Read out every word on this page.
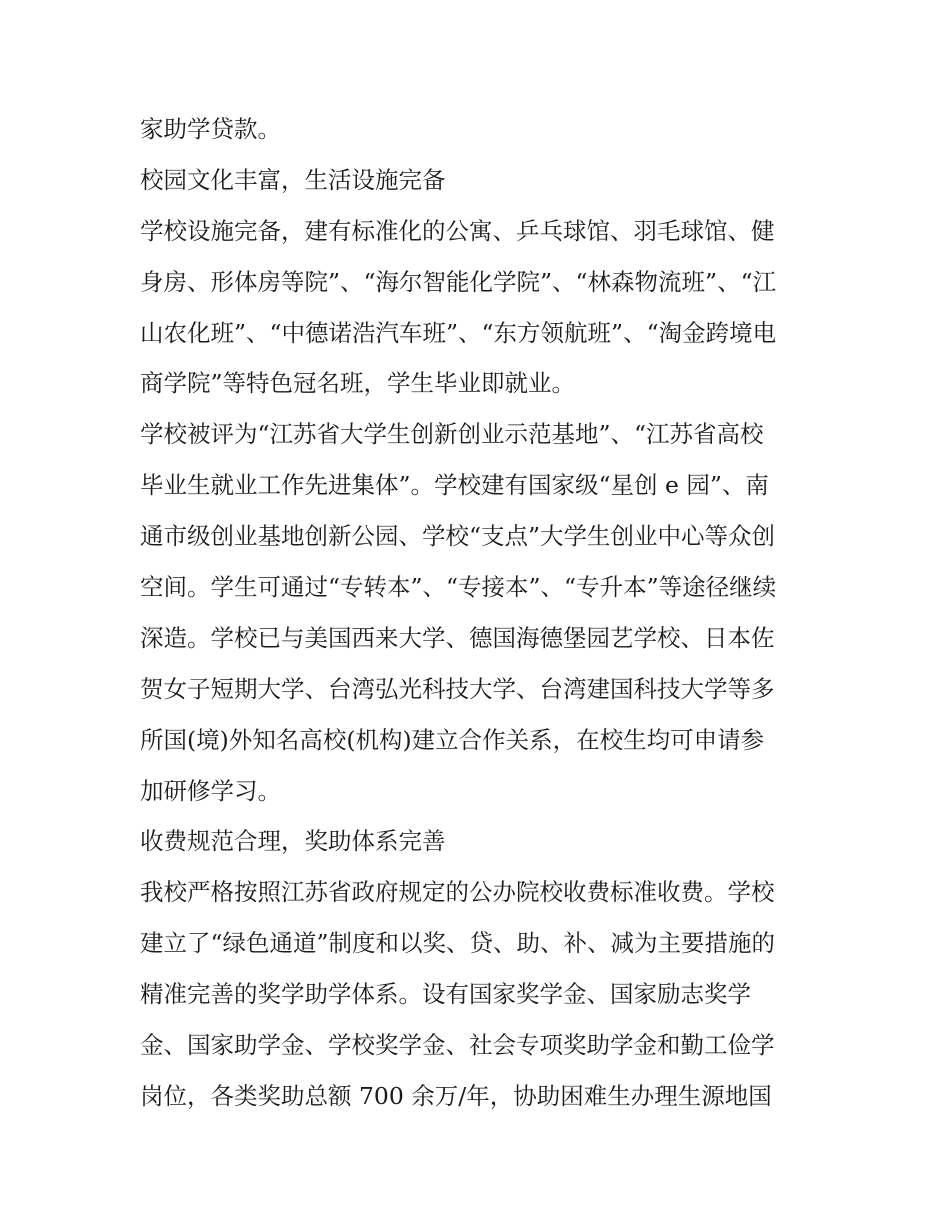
家助学贷款。
校园文化丰富，生活设施完备
学校设施完备，建有标准化的公寓、乒乓球馆、羽毛球馆、健
身房、形体房等院”、“海尔智能化学院”、“林森物流班”、“江
山农化班”、“中德诺浩汽车班”、“东方领航班”、“淘金跨境电
商学院”等特色冠名班，学生毕业即就业。
学校被评为“江苏省大学生创新创业示范基地”、“江苏省高校
毕业生就业工作先进集体”。学校建有国家级“星创 e 园”、南
通市级创业基地创新公园、学校“支点”大学生创业中心等众创
空间。学生可通过“专转本”、“专接本”、“专升本”等途径继续
深造。学校已与美国西来大学、德国海德堡园艺学校、日本佐
贺女子短期大学、台湾弘光科技大学、台湾建国科技大学等多
所国(境)外知名高校(机构)建立合作关系，在校生均可申请参
加研修学习。
收费规范合理，奖助体系完善
我校严格按照江苏省政府规定的公办院校收费标准收费。学校
建立了“绿色通道”制度和以奖、贷、助、补、减为主要措施的
精准完善的奖学助学体系。设有国家奖学金、国家励志奖学
金、国家助学金、学校奖学金、社会专项奖助学金和勤工俭学
岗位，各类奖助总额 700 余万/年，协助困难生办理生源地国
